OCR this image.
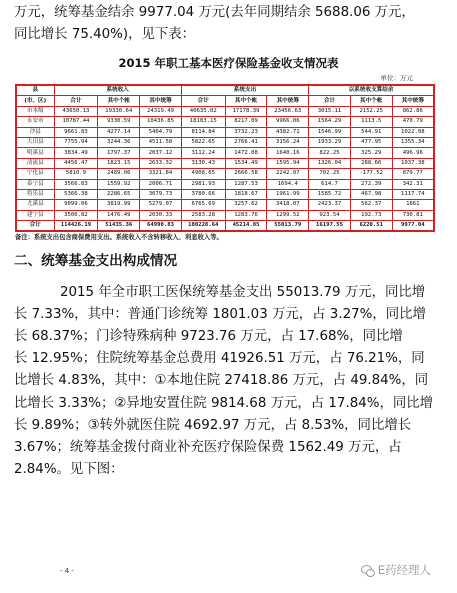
万元，统筹基金结余 9977.04 万元(去年同期结余 5688.06 万元，
同比增长 75.40%)，见下表：
2015 年职工基本医疗保险基金收支情况表
单位：万元
县	系统收入			系统支出			以系统收支算结余		
(市、区)	合计	其中个帐	其中统筹	合计	其中个帐	其中统筹	合计	其中个帐	其中统筹
市本级	43650.13	19330.64	24319.49	40635.02	17178.39	23456.63	3015.11	2152.25	862.86
永安市	10787.44	9330.59	10436.85	18183.15	8217.09	9966.06	1564.29	1113.5	470.79
沙县	9661.83	4277.14	5404.79	8114.84	3732.23	4382.71	1546.99	544.91	1022.08
大田县	7755.94	3244.36	4511.58	5822.65	2766.41	3156.24	1933.29	477.95	1355.34
明溪县	3834.49	1797.37	2037.12	3112.24	1472.08	1640.16	822.25	325.29	496.96
清流县	4456.47	1823.15	2633.32	3130.43	1534.49	1595.94	1326.04	288.66	1037.38
宁化县	5810.9	2489.06	3321.84	4908.65	2666.58	2242.07	702.25	-177.52	879.77
泰宁县	3566.83	1559.92	2006.71	2981.93	1287.53	1694.4	614.7	272.39	342.31
将乐县	5366.38	2286.65	3079.73	3780.66	1818.67	1961.99	1585.72	467.98	1117.74
尤溪县	9099.06	3819.99	5279.07	6765.69	3257.62	3418.07	2423.37	562.37	1861
建宁县	3506.82	1476.49	2030.33	2583.28	1283.76	1299.52	923.54	192.73	730.81
合计	114426.19	51435.36	64990.83	100228.64	45214.85	55013.79	16197.55	6220.51	9977.04
备注：系统支出包含商保费用支出。系统收入不含转移收入、利息收入等。
二、统筹基金支出构成情况
2015 年全市职工医保统筹基金支出 55013.79 万元，同比增
长 7.33%，其中：普通门诊统筹 1801.03 万元，占 3.27%，同比增
长 68.37%；门诊特殊病种 9723.76 万元，占 17.68%，同比增
长 12.95%；住院统筹基金总费用 41926.51 万元，占 76.21%，同
比增长 4.83%，其中：①本地住院 27418.86 万元，占 49.84%，同
比增长 3.33%；②异地安置住院 9814.68 万元，占 17.84%，同比增
长 9.89%；③转外就医住院 4692.97 万元，占 8.53%，同比增长
3.67%；统筹基金拨付商业补充医疗保险保费 1562.49 万元，占
2.84%。见下图：
- 4 -	E药经理人
